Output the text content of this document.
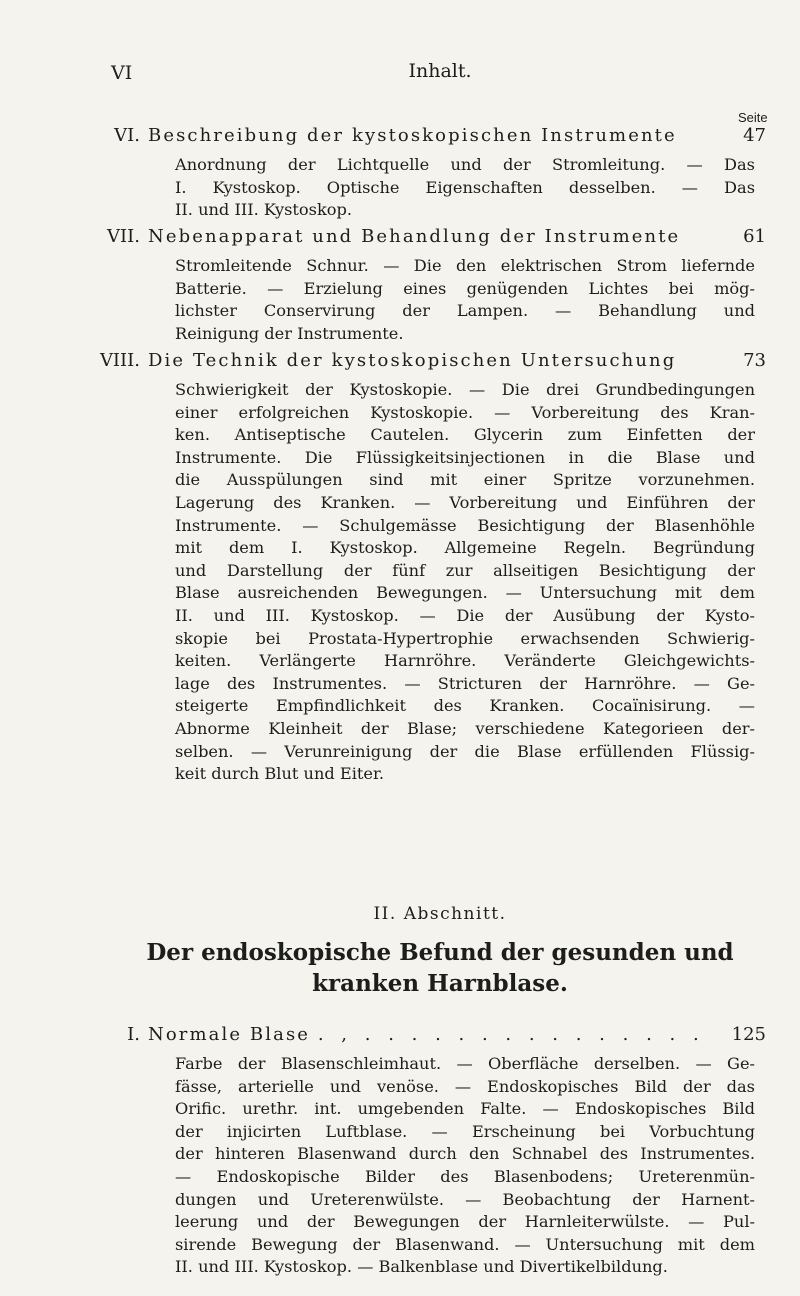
VI	Inhalt.
Seite
VI. Beschreibung der kystoskopischen Instrumente	47
Anordnung der Lichtquelle und der Stromleitung. — Das
I. Kystoskop. Optische Eigenschaften desselben. — Das
II. und III. Kystoskop.
VII. Nebenapparat und Behandlung der Instrumente	61
Stromleitende Schnur. — Die den elektrischen Strom liefernde
Batterie. — Erzielung eines genügenden Lichtes bei mög-
lichster Conservirung der Lampen. — Behandlung und
Reinigung der Instrumente.
VIII. Die Technik der kystoskopischen Untersuchung	73
Schwierigkeit der Kystoskopie. — Die drei Grundbedingungen
einer erfolgreichen Kystoskopie. — Vorbereitung des Kran-
ken. Antiseptische Cautelen. Glycerin zum Einfetten der
Instrumente. Die Flüssigkeitsinjectionen in die Blase und
die Ausspülungen sind mit einer Spritze vorzunehmen.
Lagerung des Kranken. — Vorbereitung und Einführen der
Instrumente. — Schulgemässe Besichtigung der Blasenhöhle
mit dem I. Kystoskop. Allgemeine Regeln. Begründung
und Darstellung der fünf zur allseitigen Besichtigung der
Blase ausreichenden Bewegungen. — Untersuchung mit dem
II. und III. Kystoskop. — Die der Ausübung der Kysto-
skopie bei Prostata-Hypertrophie erwachsenden Schwierig-
keiten. Verlängerte Harnröhre. Veränderte Gleichgewichts-
lage des Instrumentes. — Stricturen der Harnröhre. — Ge-
steigerte Empfindlichkeit des Kranken. Cocaïnisirung. —
Abnorme Kleinheit der Blase; verschiedene Kategorieen der-
selben. — Verunreinigung der die Blase erfüllenden Flüssig-
keit durch Blut und Eiter.
II. Abschnitt.
Der endoskopische Befund der gesunden und
kranken Harnblase.
I. Normale Blase . , . . . . . . . . . . . . . . . 125
Farbe der Blasenschleimhaut. — Oberfläche derselben. — Ge-
fässe, arterielle und venöse. — Endoskopisches Bild der das
Orific. urethr. int. umgebenden Falte. — Endoskopisches Bild
der injicirten Luftblase. — Erscheinung bei Vorbuchtung
der hinteren Blasenwand durch den Schnabel des Instrumentes.
— Endoskopische Bilder des Blasenbodens; Ureterenmün-
dungen und Ureterenwülste. — Beobachtung der Harnent-
leerung und der Bewegungen der Harnleiterwülste. — Pul-
sirende Bewegung der Blasenwand. — Untersuchung mit dem
II. und III. Kystoskop. — Balkenblase und Divertikelbildung.
